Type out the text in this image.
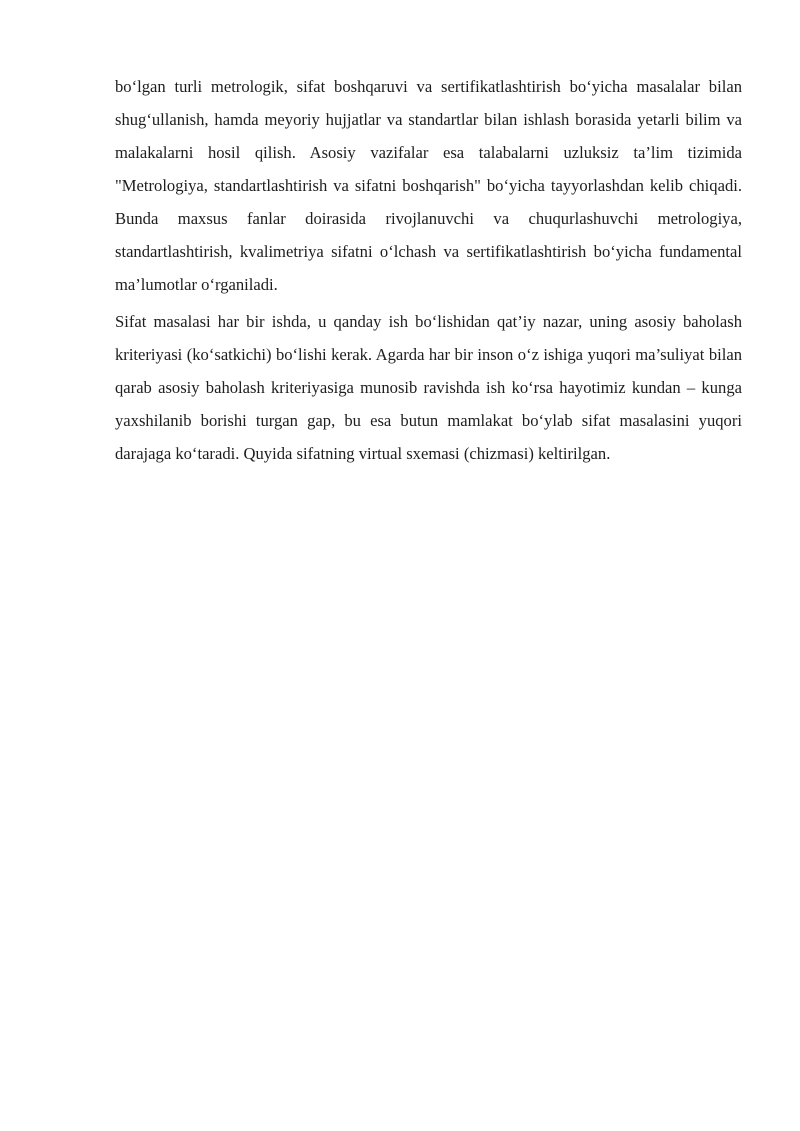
bo‘lgan turli metrologik, sifat boshqaruvi va sertifikatlashtirish bo‘yicha masalalar bilan shug‘ullanish, hamda meyoriy hujjatlar va standartlar bilan ishlash borasida yetarli bilim va malakalarni hosil qilish. Asosiy vazifalar esa talabalarni uzluksiz ta’lim tizimida "Metrologiya, standartlashtirish va sifatni boshqarish" bo‘yicha tayyorlashdan kelib chiqadi. Bunda maxsus fanlar doirasida rivojlanuvchi va chuqurlashuvchi metrologiya, standartlashtirish, kvalimetriya sifatni o‘lchash va sertifikatlashtirish bo‘yicha fundamental ma’lumotlar o‘rganiladi.

Sifat masalasi har bir ishda, u qanday ish bo‘lishidan qat’iy nazar, uning asosiy baholash kriteriyasi (ko‘satkichi) bo‘lishi kerak. Agarda har bir inson o‘z ishiga yuqori ma’suliyat bilan qarab asosiy baholash kriteriyasiga munosib ravishda ish ko‘rsa hayotimiz kundan – kunga yaxshilanib borishi turgan gap, bu esa butun mamlakat bo‘ylab sifat masalasini yuqori darajaga ko‘taradi. Quyida sifatning virtual sxemasi (chizmasi) keltirilgan.
